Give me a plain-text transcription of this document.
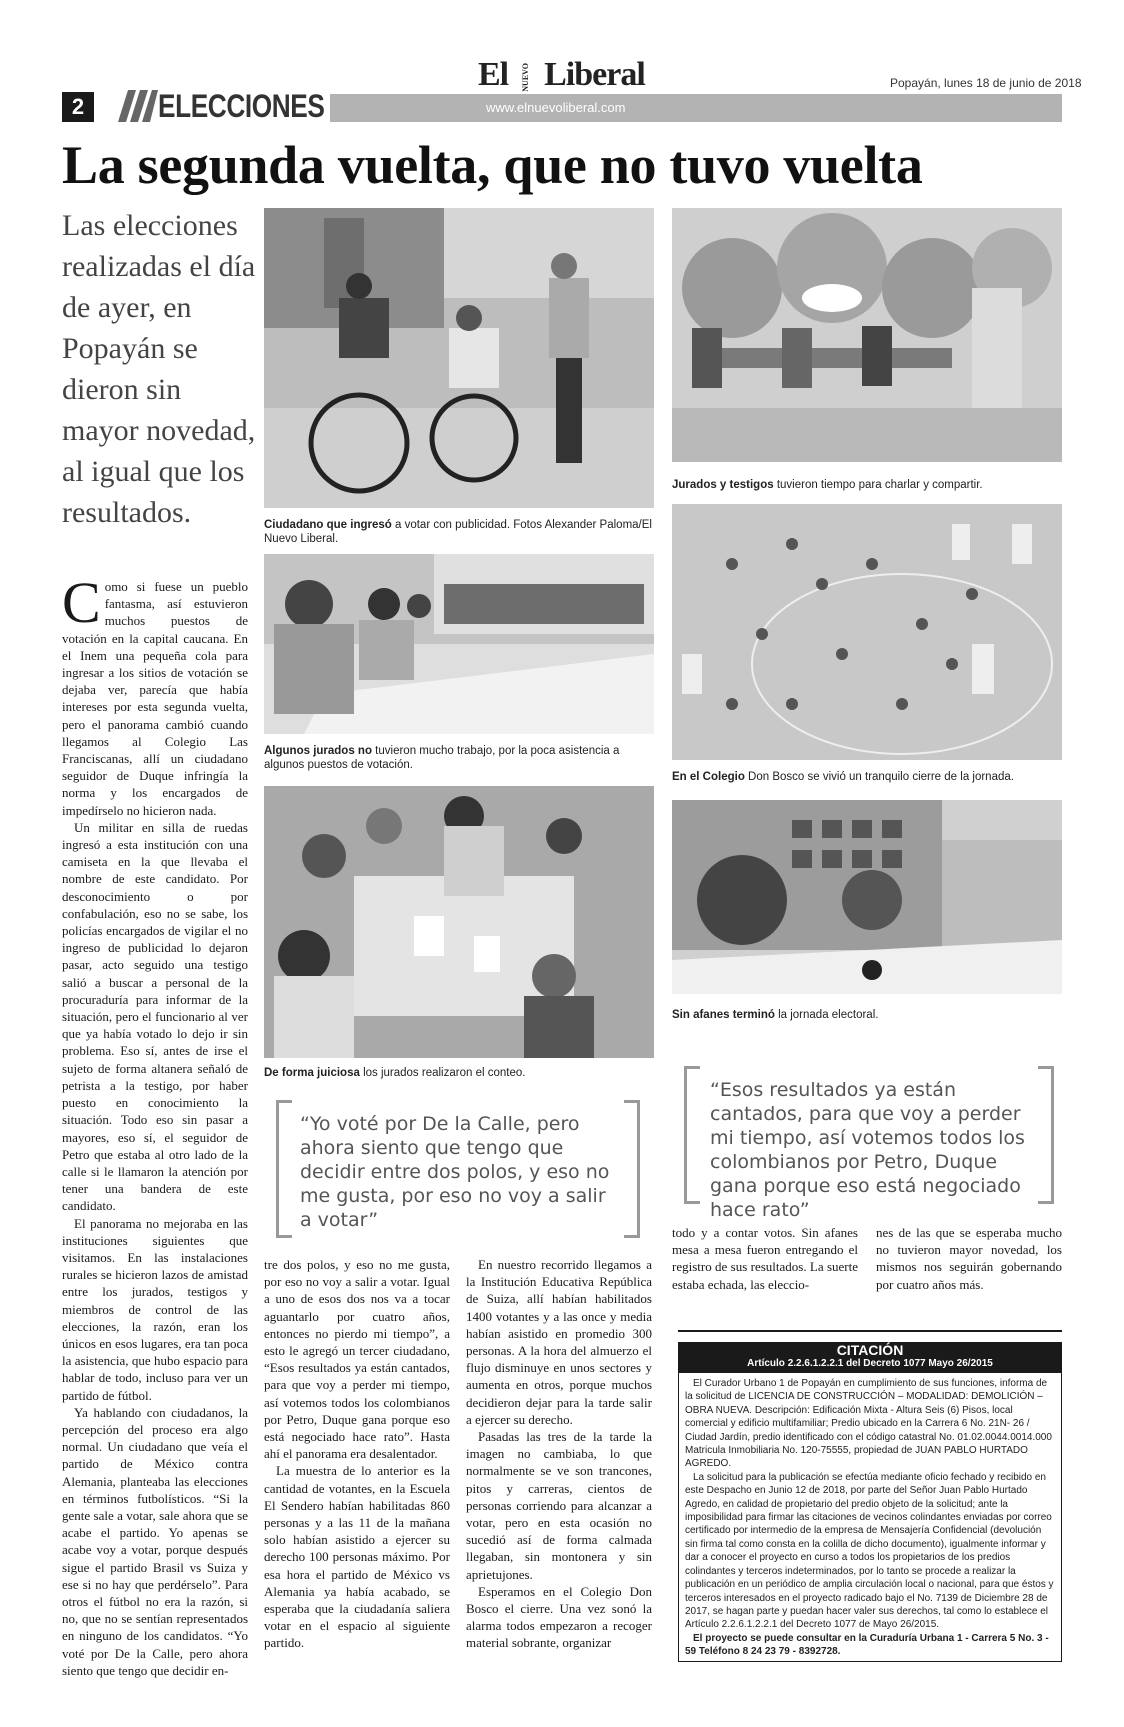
2	ELECCIONES	www.elnuevoliberal.com
El NUEVO Liberal	Popayán, lunes 18 de junio de 2018
La segunda vuelta, que no tuvo vuelta
Las elecciones realizadas el día de ayer, en Popayán se dieron sin mayor novedad, al igual que los resultados.

Como si fuese un pueblo fantasma, así estuvieron muchos puestos de votación en la capital caucana. En el Inem una pequeña cola para ingresar a los sitios de votación se dejaba ver, parecía que había intereses por esta segunda vuelta, pero el panorama cambió cuando llegamos al Colegio Las Franciscanas, allí un ciudadano seguidor de Duque infringía la norma y los encargados de impedírselo no hicieron nada.

Un militar en silla de ruedas ingresó a esta institución con una camiseta en la que llevaba el nombre de este candidato. Por desconocimiento o por confabulación, eso no se sabe, los policías encargados de vigilar el no ingreso de publicidad lo dejaron pasar, acto seguido una testigo salió a buscar a personal de la procuraduría para informar de la situación, pero el funcionario al ver que ya había votado lo dejo ir sin problema. Eso sí, antes de irse el sujeto de forma altanera señaló de petrista a la testigo, por haber puesto en conocimiento la situación. Todo eso sin pasar a mayores, eso sí, el seguidor de Petro que estaba al otro lado de la calle si le llamaron la atención por tener una bandera de este candidato.

El panorama no mejoraba en las instituciones siguientes que visitamos. En las instalaciones rurales se hicieron lazos de amistad entre los jurados, testigos y miembros de control de las elecciones, la razón, eran los únicos en esos lugares, era tan poca la asistencia, que hubo espacio para hablar de todo, incluso para ver un partido de fútbol.

Ya hablando con ciudadanos, la percepción del proceso era algo normal. Un ciudadano que veía el partido de México contra Alemania, planteaba las elecciones en términos futbolísticos. “Si la gente sale a votar, sale ahora que se acabe el partido. Yo apenas se acabe voy a votar, porque después sigue el partido Brasil vs Suiza y ese si no hay que perdérselo”. Para otros el fútbol no era la razón, si no, que no se sentían representados en ninguno de los candidatos. “Yo voté por De la Calle, pero ahora siento que tengo que decidir en-

Ciudadano que ingresó a votar con publicidad. Fotos Alexander Paloma/El Nuevo Liberal.
Jurados y testigos tuvieron tiempo para charlar y compartir.
Algunos jurados no tuvieron mucho trabajo, por la poca asistencia a algunos puestos de votación.
En el Colegio Don Bosco se vivió un tranquilo cierre de la jornada.
De forma juiciosa los jurados realizaron el conteo.
Sin afanes terminó la jornada electoral.
“Yo voté por De la Calle, pero ahora siento que tengo que decidir entre dos polos, y eso no me gusta, por eso no voy a salir a votar”
“Esos resultados ya están cantados, para que voy a perder mi tiempo, así votemos todos los colombianos por Petro, Duque gana porque eso está negociado hace rato”

tre dos polos, y eso no me gusta, por eso no voy a salir a votar. Igual a uno de esos dos nos va a tocar aguantarlo por cuatro años, entonces no pierdo mi tiempo”, a esto le agregó un tercer ciudadano, “Esos resultados ya están cantados, para que voy a perder mi tiempo, así votemos todos los colombianos por Petro, Duque gana porque eso está negociado hace rato”. Hasta ahí el panorama era desalentador.

La muestra de lo anterior es la cantidad de votantes, en la Escuela El Sendero habían habilitadas 860 personas y a las 11 de la mañana solo habían asistido a ejercer su derecho 100 personas máximo. Por esa hora el partido de México vs Alemania ya había acabado, se esperaba que la ciudadanía saliera votar en el espacio al siguiente partido.

En nuestro recorrido llegamos a la Institución Educativa República de Suiza, allí habían habilitados 1400 votantes y a las once y media habían asistido en promedio 300 personas. A la hora del almuerzo el flujo disminuye en unos sectores y aumenta en otros, porque muchos decidieron dejar para la tarde salir a ejercer su derecho.

Pasadas las tres de la tarde la imagen no cambiaba, lo que normalmente se ve son trancones, pitos y carreras, cientos de personas corriendo para alcanzar a votar, pero en esta ocasión no sucedió así de forma calmada llegaban, sin montonera y sin aprietujones.

Esperamos en el Colegio Don Bosco el cierre. Una vez sonó la alarma todos empezaron a recoger material sobrante, organizar

todo y a contar votos. Sin afanes mesa a mesa fueron entregando el registro de sus resultados. La suerte estaba echada, las eleccio-

nes de las que se esperaba mucho no tuvieron mayor novedad, los mismos nos seguirán gobernando por cuatro años más.

CITACIÓN
Artículo 2.2.6.1.2.2.1 del Decreto 1077 Mayo 26/2015

El Curador Urbano 1 de Popayán en cumplimiento de sus funciones, informa de la solicitud de LICENCIA DE CONSTRUCCIÓN – MODALIDAD: DEMOLICIÓN – OBRA NUEVA. Descripción: Edificación Mixta - Altura Seis (6) Pisos, local comercial y edificio multifamiliar; Predio ubicado en la Carrera 6 No. 21N- 26 / Ciudad Jardín, predio identificado con el código catastral No. 01.02.0044.0014.000 Matricula Inmobiliaria No. 120-75555, propiedad de JUAN PABLO HURTADO AGREDO.

La solicitud para la publicación se efectúa mediante oficio fechado y recibido en este Despacho en Junio 12 de 2018, por parte del Señor Juan Pablo Hurtado Agredo, en calidad de propietario del predio objeto de la solicitud; ante la imposibilidad para firmar las citaciones de vecinos colindantes enviadas por correo certificado por intermedio de la empresa de Mensajería Confidencial (devolución sin firma tal como consta en la colilla de dicho documento), igualmente informar y dar a conocer el proyecto en curso a todos los propietarios de los predios colindantes y terceros indeterminados, por lo tanto se procede a realizar la publicación en un periódico de amplia circulación local o nacional, para que éstos y terceros interesados en el proyecto radicado bajo el No. 7139 de Diciembre 28 de 2017, se hagan parte y puedan hacer valer sus derechos, tal como lo establece el Artículo 2.2.6.1.2.2.1 del Decreto 1077 de Mayo 26/2015.

El proyecto se puede consultar en la Curaduría Urbana 1 - Carrera 5 No. 3 - 59 Teléfono 8 24 23 79 - 8392728.
